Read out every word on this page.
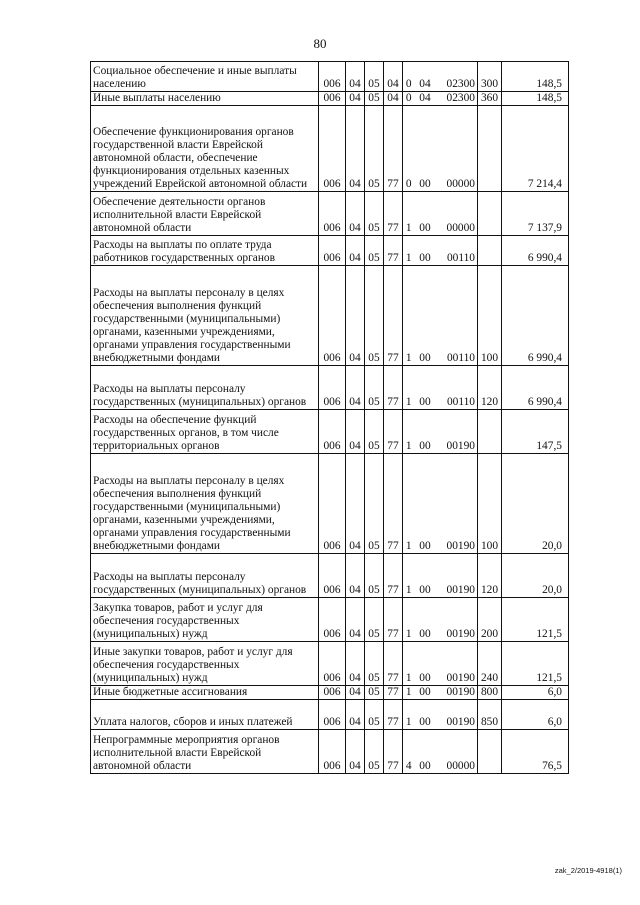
80
Социальное обеспечение и иные выплаты населению	006	04	05	04	0	04	02300	300	148,5
Иные выплаты населению	006	04	05	04	0	04	02300	360	148,5
Обеспечение функционирования органов государственной власти Еврейской автономной области, обеспечение функционирования отдельных казенных учреждений Еврейской автономной области	006	04	05	77	0	00	00000		7 214,4
Обеспечение деятельности органов исполнительной власти Еврейской автономной области	006	04	05	77	1	00	00000		7 137,9
Расходы на выплаты по оплате труда работников государственных органов	006	04	05	77	1	00	00110		6 990,4
Расходы на выплаты персоналу в целях обеспечения выполнения функций государственными (муниципальными) органами, казенными учреждениями, органами управления государственными внебюджетными фондами	006	04	05	77	1	00	00110	100	6 990,4
Расходы на выплаты персоналу государственных (муниципальных) органов	006	04	05	77	1	00	00110	120	6 990,4
Расходы на обеспечение функций государственных органов, в том числе территориальных органов	006	04	05	77	1	00	00190		147,5
Расходы на выплаты персоналу в целях обеспечения выполнения функций государственными (муниципальными) органами, казенными учреждениями, органами управления государственными внебюджетными фондами	006	04	05	77	1	00	00190	100	20,0
Расходы на выплаты персоналу государственных (муниципальных) органов	006	04	05	77	1	00	00190	120	20,0
Закупка товаров, работ и услуг для обеспечения государственных (муниципальных) нужд	006	04	05	77	1	00	00190	200	121,5
Иные закупки товаров, работ и услуг для обеспечения государственных (муниципальных) нужд	006	04	05	77	1	00	00190	240	121,5
Иные бюджетные ассигнования	006	04	05	77	1	00	00190	800	6,0
Уплата налогов, сборов и иных платежей	006	04	05	77	1	00	00190	850	6,0
Непрограммные мероприятия органов исполнительной власти Еврейской автономной области	006	04	05	77	4	00	00000		76,5
zak_2/2019-4918(1)
